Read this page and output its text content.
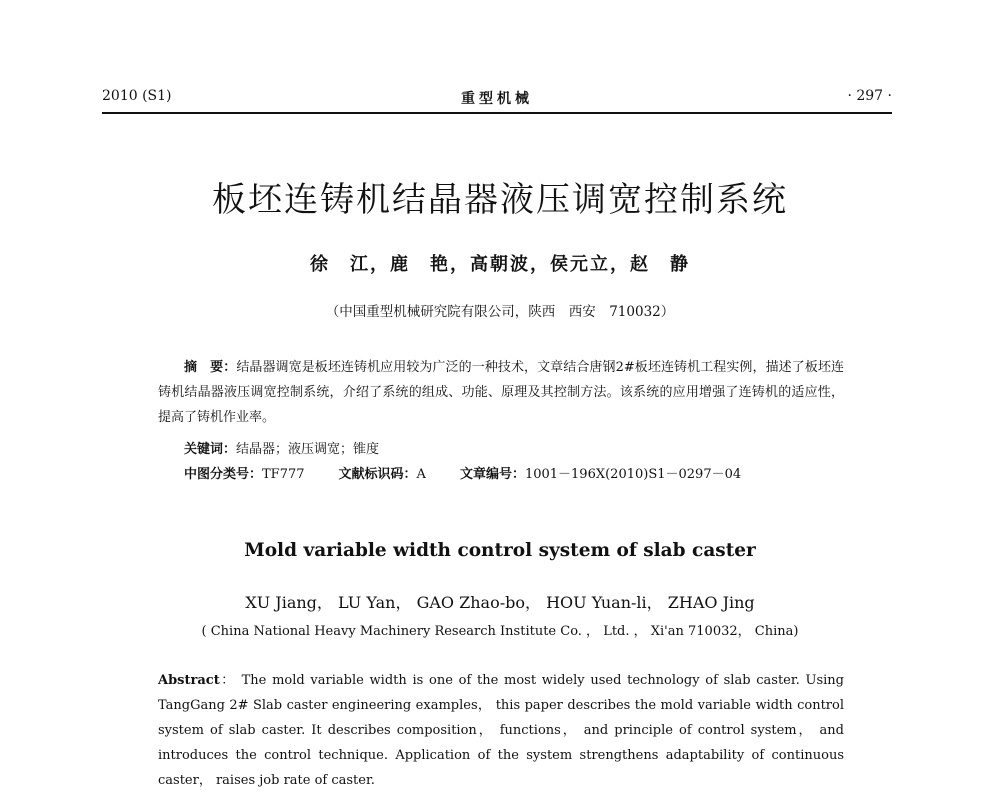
2010 (S1)	重型机械	· 297 ·
板坯连铸机结晶器液压调宽控制系统
徐　江，鹿　艳，高朝波，侯元立，赵　静
（中国重型机械研究院有限公司，陕西　西安　710032）
摘　要：结晶器调宽是板坯连铸机应用较为广泛的一种技术，文章结合唐钢2#板坯连铸机工程实例，描述了板坯连铸机结晶器液压调宽控制系统，介绍了系统的组成、功能、原理及其控制方法。该系统的应用增强了连铸机的适应性，提高了铸机作业率。
关键词：结晶器；液压调宽；锥度
中图分类号：TF777	文献标识码：A	文章编号：1001－196X(2010)S1－0297－04
Mold variable width control system of slab caster
XU Jiang， LU Yan， GAO Zhao-bo， HOU Yuan-li， ZHAO Jing
( China National Heavy Machinery Research Institute Co. ， Ltd. ， Xi'an 710032， China)
Abstract： The mold variable width is one of the most widely used technology of slab caster. Using TangGang 2# Slab caster engineering examples， this paper describes the mold variable width control system of slab caster. It describes composition， functions， and principle of control system， and introduces the control technique. Application of the system strengthens adaptability of continuous caster， raises job rate of caster.
